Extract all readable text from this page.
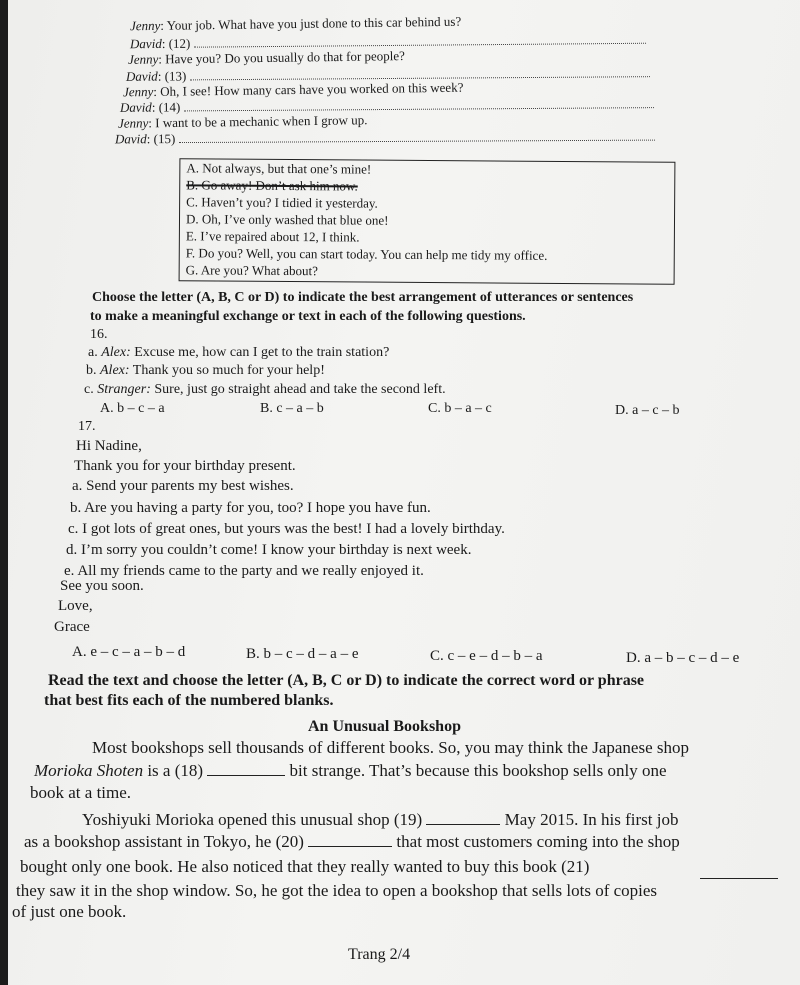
Jenny: Your job. What have you just done to this car behind us?
David: (12)
Jenny: Have you? Do you usually do that for people?
David: (13)
Jenny: Oh, I see! How many cars have you worked on this week?
David: (14)
Jenny: I want to be a mechanic when I grow up.
David: (15)
A. Not always, but that one’s mine!
B. Go away! Don’t ask him now.
C. Haven’t you? I tidied it yesterday.
D. Oh, I’ve only washed that blue one!
E. I’ve repaired about 12, I think.
F. Do you? Well, you can start today. You can help me tidy my office.
G. Are you? What about?
Choose the letter (A, B, C or D) to indicate the best arrangement of utterances or sentences
to make a meaningful exchange or text in each of the following questions.
16.
a. Alex: Excuse me, how can I get to the train station?
b. Alex: Thank you so much for your help!
c. Stranger: Sure, just go straight ahead and take the second left.
A. b – c – a	B. c – a – b	C. b – a – c	D. a – c – b
17.
Hi Nadine,
Thank you for your birthday present.
a. Send your parents my best wishes.
b. Are you having a party for you, too? I hope you have fun.
c. I got lots of great ones, but yours was the best! I had a lovely birthday.
d. I’m sorry you couldn’t come! I know your birthday is next week.
e. All my friends came to the party and we really enjoyed it.
See you soon.
Love,
Grace
A. e – c – a – b – d	B. b – c – d – a – e	C. c – e – d – b – a	D. a – b – c – d – e
Read the text and choose the letter (A, B, C or D) to indicate the correct word or phrase
that best fits each of the numbered blanks.
An Unusual Bookshop
Most bookshops sell thousands of different books. So, you may think the Japanese shop
Morioka Shoten is a (18)	bit strange. That’s because this bookshop sells only one
book at a time.
Yoshiyuki Morioka opened this unusual shop (19)	May 2015. In his first job
as a bookshop assistant in Tokyo, he (20)	that most customers coming into the shop
bought only one book. He also noticed that they really wanted to buy this book (21)
they saw it in the shop window. So, he got the idea to open a bookshop that sells lots of copies
of just one book.
Trang 2/4
